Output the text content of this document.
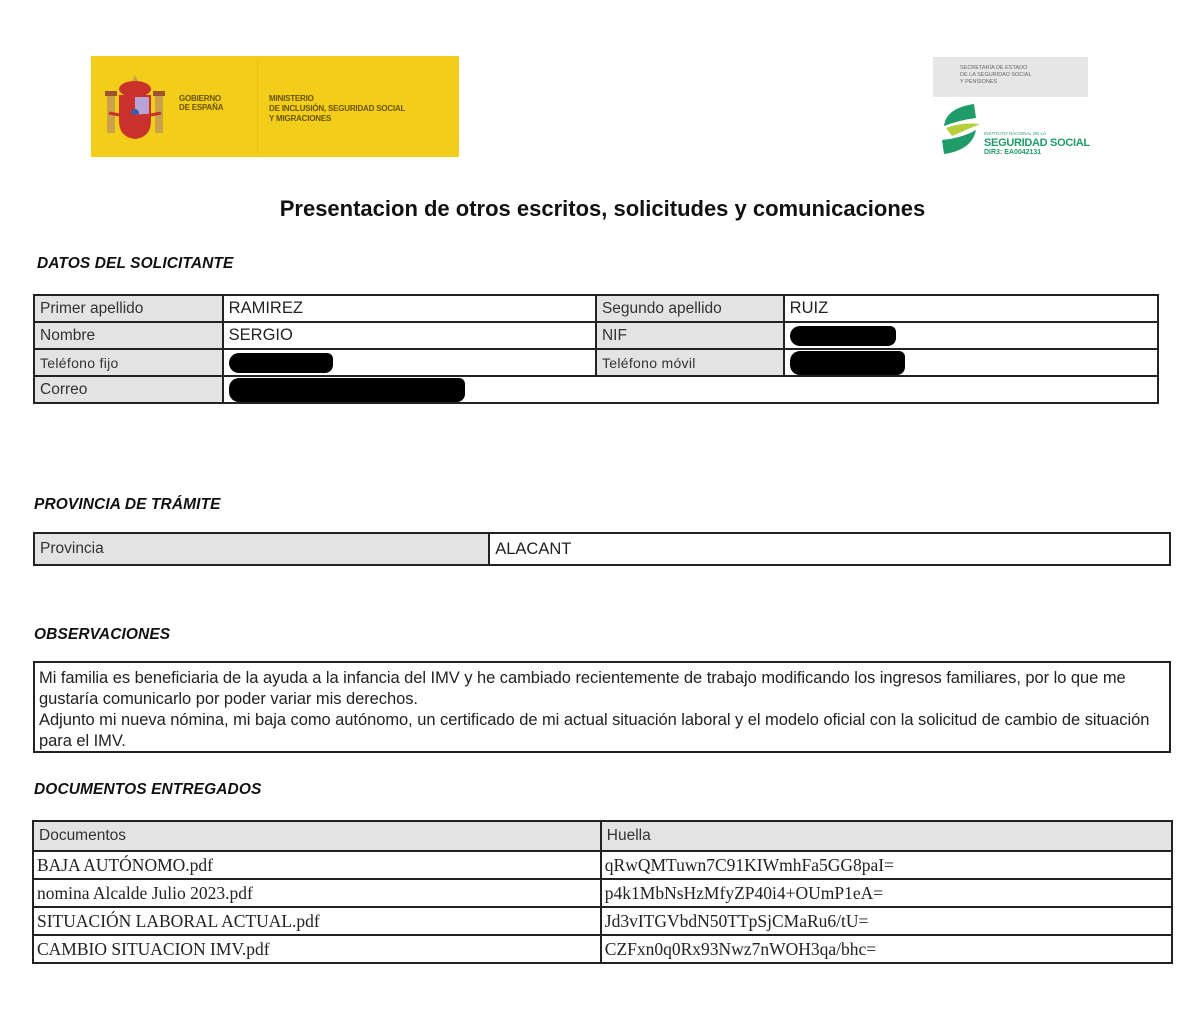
GOBIERNO
DE ESPAÑA
MINISTERIO
DE INCLUSIÓN, SEGURIDAD SOCIAL
Y MIGRACIONES
SECRETARÍA DE ESTADO
DE LA SEGURIDAD SOCIAL
Y PENSIONES
INSTITUTO NACIONAL DE LA
SEGURIDAD SOCIAL
DIR3: EA0042131
Presentacion de otros escritos, solicitudes y comunicaciones
DATOS DEL SOLICITANTE
Primer apellido	RAMIREZ	Segundo apellido	RUIZ
Nombre	SERGIO	NIF	
Teléfono fijo		Teléfono móvil	
Correo			
PROVINCIA DE TRÁMITE
Provincia	ALACANT
OBSERVACIONES

Mi familia es beneficiaria de la ayuda a la infancia del IMV y he cambiado recientemente de trabajo modificando los ingresos familiares, por lo que me gustaría comunicarlo por poder variar mis derechos.

Adjunto mi nueva nómina, mi baja como autónomo, un certificado de mi actual situación laboral y el modelo oficial con la solicitud de cambio de situación para el IMV.

DOCUMENTOS ENTREGADOS
Documentos	Huella
BAJA AUTÓNOMO.pdf	qRwQMTuwn7C91KIWmhFa5GG8paI=
nomina Alcalde Julio 2023.pdf	p4k1MbNsHzMfyZP40i4+OUmP1eA=
SITUACIÓN LABORAL ACTUAL.pdf	Jd3vITGVbdN50TTpSjCMaRu6/tU=
CAMBIO SITUACION IMV.pdf	CZFxn0q0Rx93Nwz7nWOH3qa/bhc=
